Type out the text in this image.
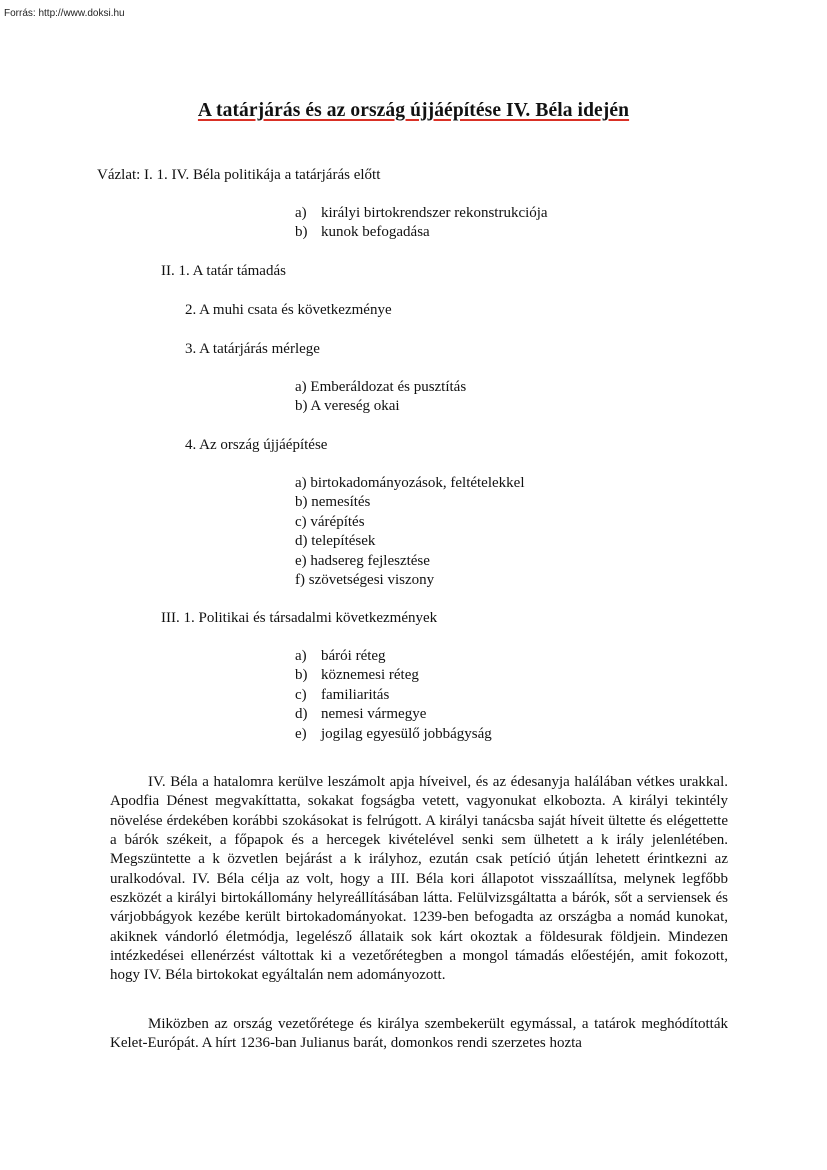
Forrás: http://www.doksi.hu
A tatárjárás és az ország újjáépítése IV. Béla idején
Vázlat: I. 1. IV. Béla politikája a tatárjárás előtt
a) királyi birtokrendszer rekonstrukciója
b) kunok befogadása
II. 1. A tatár támadás
2. A muhi csata és következménye
3. A tatárjárás mérlege
a) Emberáldozat és pusztítás
b) A vereség okai
4. Az ország újjáépítése
a) birtokadományozások, feltételekkel
b) nemesítés
c) várépítés
d) telepítések
e) hadsereg fejlesztése
f) szövetségesi viszony
III. 1. Politikai és társadalmi következmények
a) bárói réteg
b) köznemesi réteg
c) familiaritás
d) nemesi vármegye
e) jogilag egyesülő jobbágyság

IV. Béla a hatalomra kerülve leszámolt apja híveivel, és az édesanyja halálában vétkes urakkal. Apodfia Dénest megvakíttatta, sokakat fogságba vetett, vagyonukat elkobozta. A királyi tekintély növelése érdekében korábbi szokásokat is felrúgott. A királyi tanácsba saját híveit ültette és elégettette a bárók székeit, a főpapok és a hercegek kivételével senki sem ülhetett a k irály jelenlétében. Megszüntette a k özvetlen bejárást a k irályhoz, ezután csak petíció útján lehetett érintkezni az uralkodóval. IV. Béla célja az volt, hogy a III. Béla kori állapotot visszaállítsa, melynek legfőbb eszközét a királyi birtokállomány helyreállításában látta. Felülvizsgáltatta a bárók, sőt a serviensek és várjobbágyok kezébe került birtokadományokat. 1239-ben befogadta az országba a nomád kunokat, akiknek vándorló életmódja, legelésző állataik sok kárt okoztak a földesurak földjein. Mindezen intézkedései ellenérzést váltottak ki a vezetőrétegben a mongol támadás előestéjén, amit fokozott, hogy IV. Béla birtokokat egyáltalán nem adományozott.

Miközben az ország vezetőrétege és királya szembekerült egymással, a tatárok meghódították Kelet-Európát. A hírt 1236-ban Julianus barát, domonkos rendi szerzetes hozta
